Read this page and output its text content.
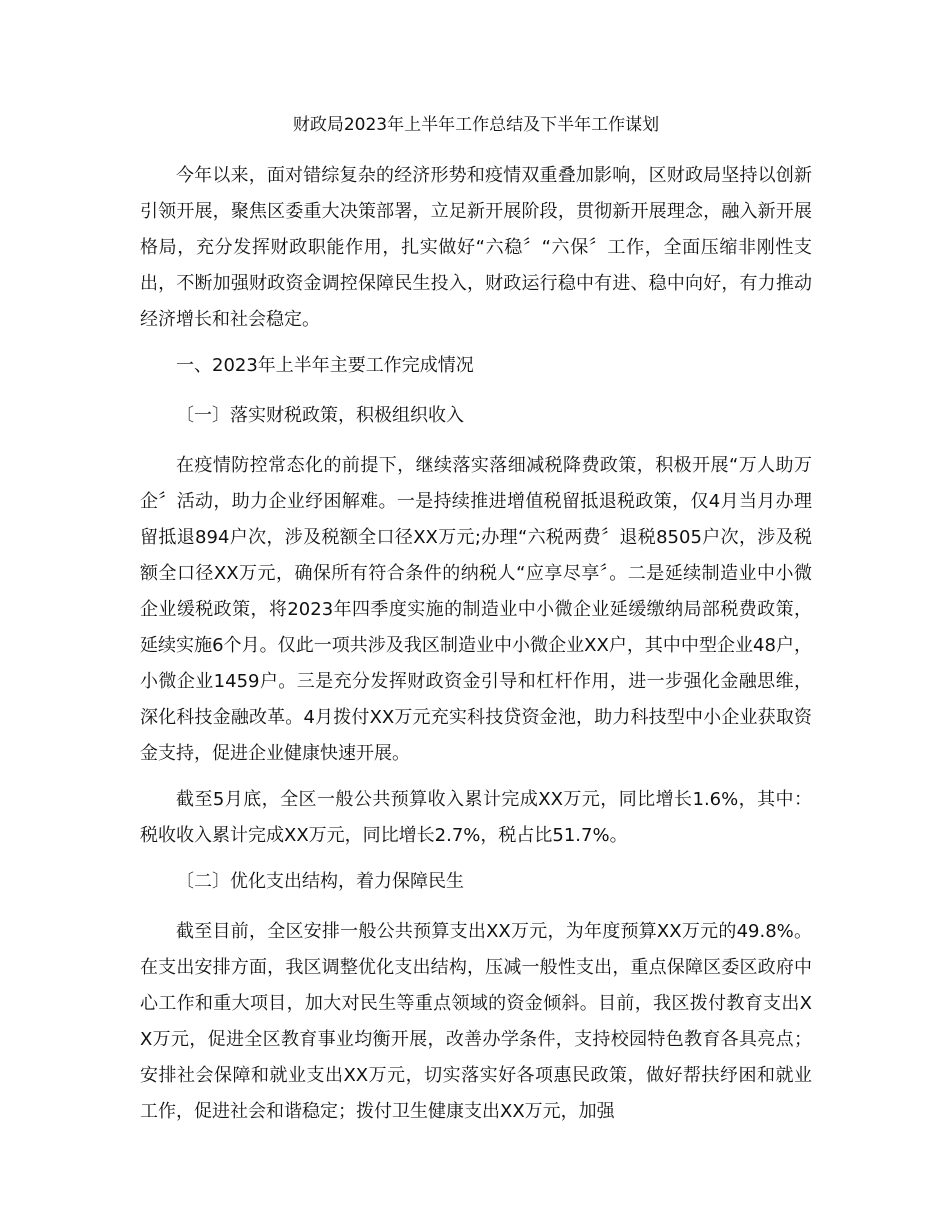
财政局2023年上半年工作总结及下半年工作谋划

今年以来，面对错综复杂的经济形势和疫情双重叠加影响，区财政局坚持以创新引领开展，聚焦区委重大决策部署，立足新开展阶段，贯彻新开展理念，融入新开展格局，充分发挥财政职能作用，扎实做好“六稳〞“六保〞工作，全面压缩非刚性支出，不断加强财政资金调控保障民生投入，财政运行稳中有进、稳中向好，有力推动经济增长和社会稳定。

一、2023年上半年主要工作完成情况
〔一〕落实财税政策，积极组织收入

在疫情防控常态化的前提下，继续落实落细减税降费政策，积极开展“万人助万企〞活动，助力企业纾困解难。一是持续推进增值税留抵退税政策，仅4月当月办理留抵退894户次，涉及税额全口径XX万元;办理“六税两费〞退税8505户次，涉及税额全口径XX万元，确保所有符合条件的纳税人“应享尽享〞。二是延续制造业中小微企业缓税政策，将2023年四季度实施的制造业中小微企业延缓缴纳局部税费政策，延续实施6个月。仅此一项共涉及我区制造业中小微企业XX户，其中中型企业48户，小微企业1459户。三是充分发挥财政资金引导和杠杆作用，进一步强化金融思维，深化科技金融改革。4月拨付XX万元充实科技贷资金池，助力科技型中小企业获取资金支持，促进企业健康快速开展。

截至5月底，全区一般公共预算收入累计完成XX万元，同比增长1.6%，其中：税收收入累计完成XX万元，同比增长2.7%，税占比51.7%。

〔二〕优化支出结构，着力保障民生

截至目前，全区安排一般公共预算支出XX万元，为年度预算XX万元的49.8%。在支出安排方面，我区调整优化支出结构，压减一般性支出，重点保障区委区政府中心工作和重大项目，加大对民生等重点领域的资金倾斜。目前，我区拨付教育支出XX万元，促进全区教育事业均衡开展，改善办学条件，支持校园特色教育各具亮点；安排社会保障和就业支出XX万元，切实落实好各项惠民政策，做好帮扶纾困和就业工作，促进社会和谐稳定；拨付卫生健康支出XX万元，加强
